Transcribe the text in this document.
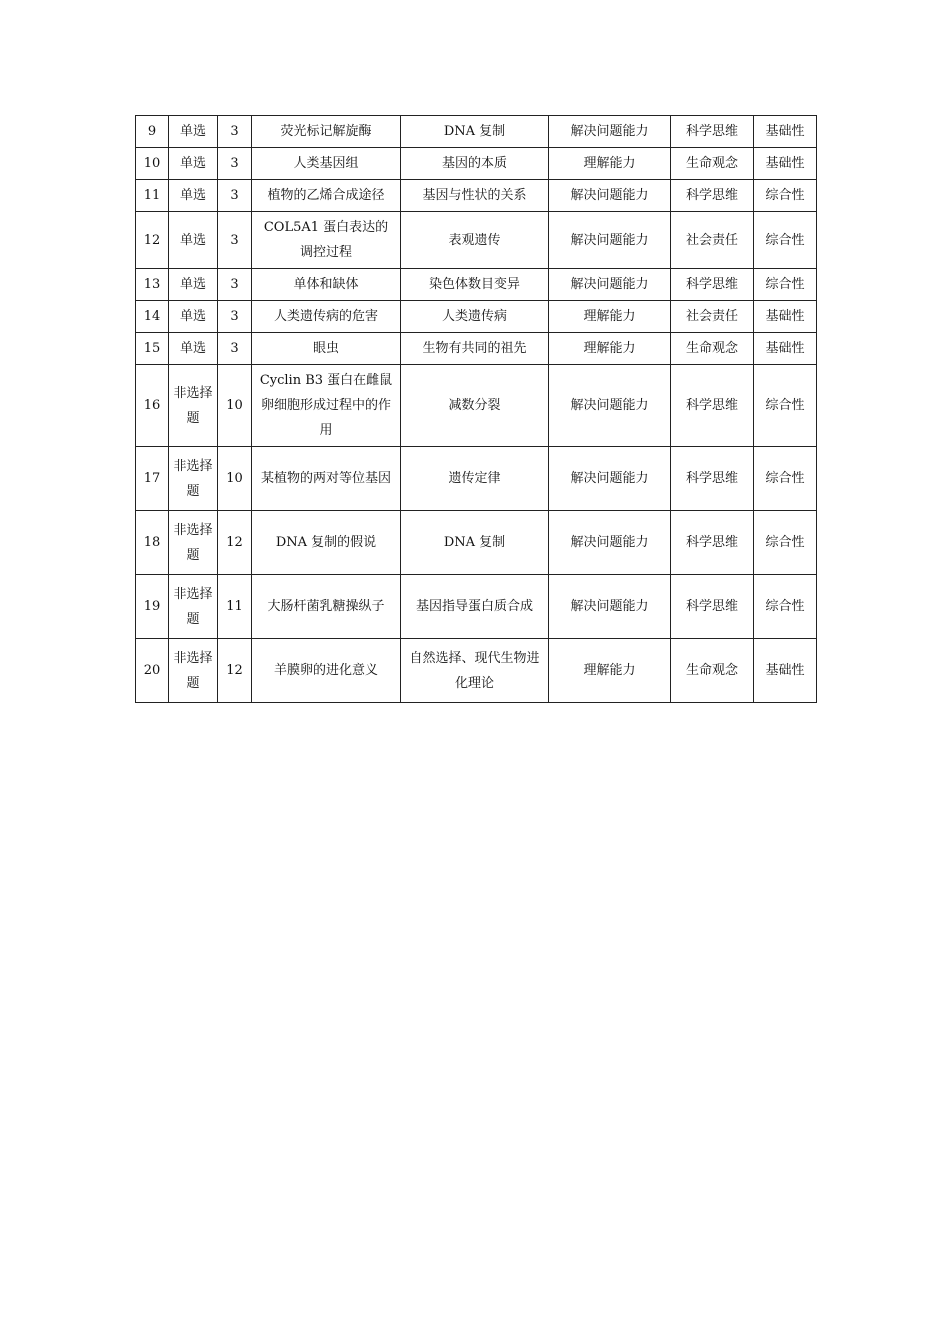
9	单选	3	荧光标记解旋酶	DNA 复制	解决问题能力	科学思维	基础性
10	单选	3	人类基因组	基因的本质	理解能力	生命观念	基础性
11	单选	3	植物的乙烯合成途径	基因与性状的关系	解决问题能力	科学思维	综合性
12	单选	3	COL5A1 蛋白表达的调控过程	表观遗传	解决问题能力	社会责任	综合性
13	单选	3	单体和缺体	染色体数目变异	解决问题能力	科学思维	综合性
14	单选	3	人类遗传病的危害	人类遗传病	理解能力	社会责任	基础性
15	单选	3	眼虫	生物有共同的祖先	理解能力	生命观念	基础性
16	非选择题	10	Cyclin B3 蛋白在雌鼠卵细胞形成过程中的作用	减数分裂	解决问题能力	科学思维	综合性
17	非选择题	10	某植物的两对等位基因	遗传定律	解决问题能力	科学思维	综合性
18	非选择题	12	DNA 复制的假说	DNA 复制	解决问题能力	科学思维	综合性
19	非选择题	11	大肠杆菌乳糖操纵子	基因指导蛋白质合成	解决问题能力	科学思维	综合性
20	非选择题	12	羊膜卵的进化意义	自然选择、现代生物进化理论	理解能力	生命观念	基础性
